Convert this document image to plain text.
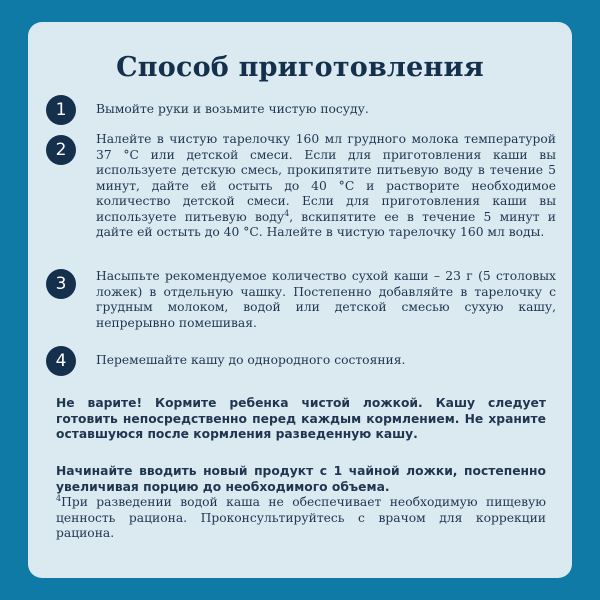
Способ приготовления
1	Вымойте руки и возьмите чистую посуду.
2
Налейте в чистую тарелочку 160 мл грудного молока температурой 37 °С или детской смеси. Если для приготовления каши вы используете детскую смесь, прокипятите питьевую воду в течение 5 минут, дайте ей остыть до 40 °С и растворите необходимое количество детской смеси. Если для приготовления каши вы используете питьевую воду$^4$, вскипятите ее в течение 5 минут и дайте ей остыть до 40 °С. Налейте в чистую тарелочку 160 мл воды.
3	Насыпьте рекомендуемое количество сухой каши – 23 г (5 столовых ложек) в отдельную чашку. Постепенно добавляйте в тарелочку с грудным молоком, водой или детской смесью сухую кашу, непрерывно помешивая.
4	Перемешайте кашу до однородного состояния.
Не варите! Кормите ребенка чистой ложкой. Кашу следует готовить непосредственно перед каждым кормлением. Не храните оставшуюся после кормления разведенную кашу.
Начинайте вводить новый продукт с 1 чайной ложки, постепенно увеличивая порцию до необходимого объема.
$^4$При разведении водой каша не обеспечивает необходимую пищевую ценность рациона. Проконсультируйтесь с врачом для коррекции рациона.
